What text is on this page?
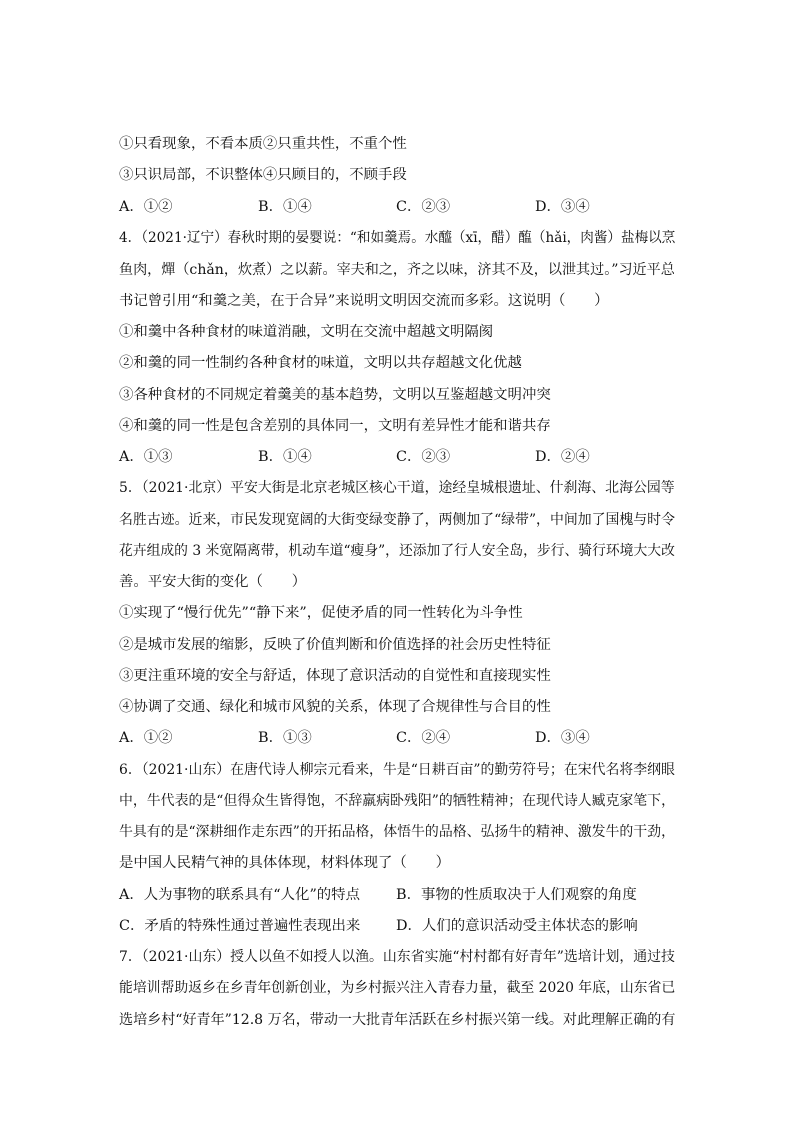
①只看现象，不看本质②只重共性，不重个性
③只识局部，不识整体④只顾目的，不顾手段
A．①②	B．①④	C．②③	D．③④
4．（2021·辽宁）春秋时期的晏婴说：“和如羹焉。水醯（xī，醋）醢（hǎi，肉酱）盐梅以烹
鱼肉，燀（chǎn，炊煮）之以薪。宰夫和之，齐之以味，济其不及，以泄其过。”习近平总
书记曾引用“和羹之美，在于合异”来说明文明因交流而多彩。这说明（　　）
①和羹中各种食材的味道消融，文明在交流中超越文明隔阂
②和羹的同一性制约各种食材的味道，文明以共存超越文化优越
③各种食材的不同规定着羹美的基本趋势，文明以互鉴超越文明冲突
④和羹的同一性是包含差别的具体同一，文明有差异性才能和谐共存
A．①③	B．①④	C．②③	D．②④
5．（2021·北京）平安大街是北京老城区核心干道，途经皇城根遗址、什刹海、北海公园等
名胜古迹。近来，市民发现宽阔的大街变绿变静了，两侧加了“绿带”，中间加了国槐与时令
花卉组成的 3 米宽隔离带，机动车道“瘦身”，还添加了行人安全岛，步行、骑行环境大大改
善。平安大街的变化（　　）
①实现了“慢行优先”“静下来”，促使矛盾的同一性转化为斗争性
②是城市发展的缩影，反映了价值判断和价值选择的社会历史性特征
③更注重环境的安全与舒适，体现了意识活动的自觉性和直接现实性
④协调了交通、绿化和城市风貌的关系，体现了合规律性与合目的性
A．①②	B．①③	C．②④	D．③④
6．（2021·山东）在唐代诗人柳宗元看来，牛是“日耕百亩”的勤劳符号；在宋代名将李纲眼
中，牛代表的是“但得众生皆得饱，不辞羸病卧残阳”的牺牲精神；在现代诗人臧克家笔下，
牛具有的是“深耕细作走东西”的开拓品格，体悟牛的品格、弘扬牛的精神、激发牛的干劲，
是中国人民精气神的具体体现，材料体现了（　　）
A．人为事物的联系具有“人化”的特点	B．事物的性质取决于人们观察的角度
C．矛盾的特殊性通过普遍性表现出来 D．人们的意识活动受主体状态的影响
7．（2021·山东）授人以鱼不如授人以渔。山东省实施“村村都有好青年”选培计划，通过技
能培训帮助返乡在乡青年创新创业，为乡村振兴注入青春力量，截至 2020 年底，山东省已
选培乡村“好青年”12.8 万名，带动一大批青年活跃在乡村振兴第一线。对此理解正确的有
